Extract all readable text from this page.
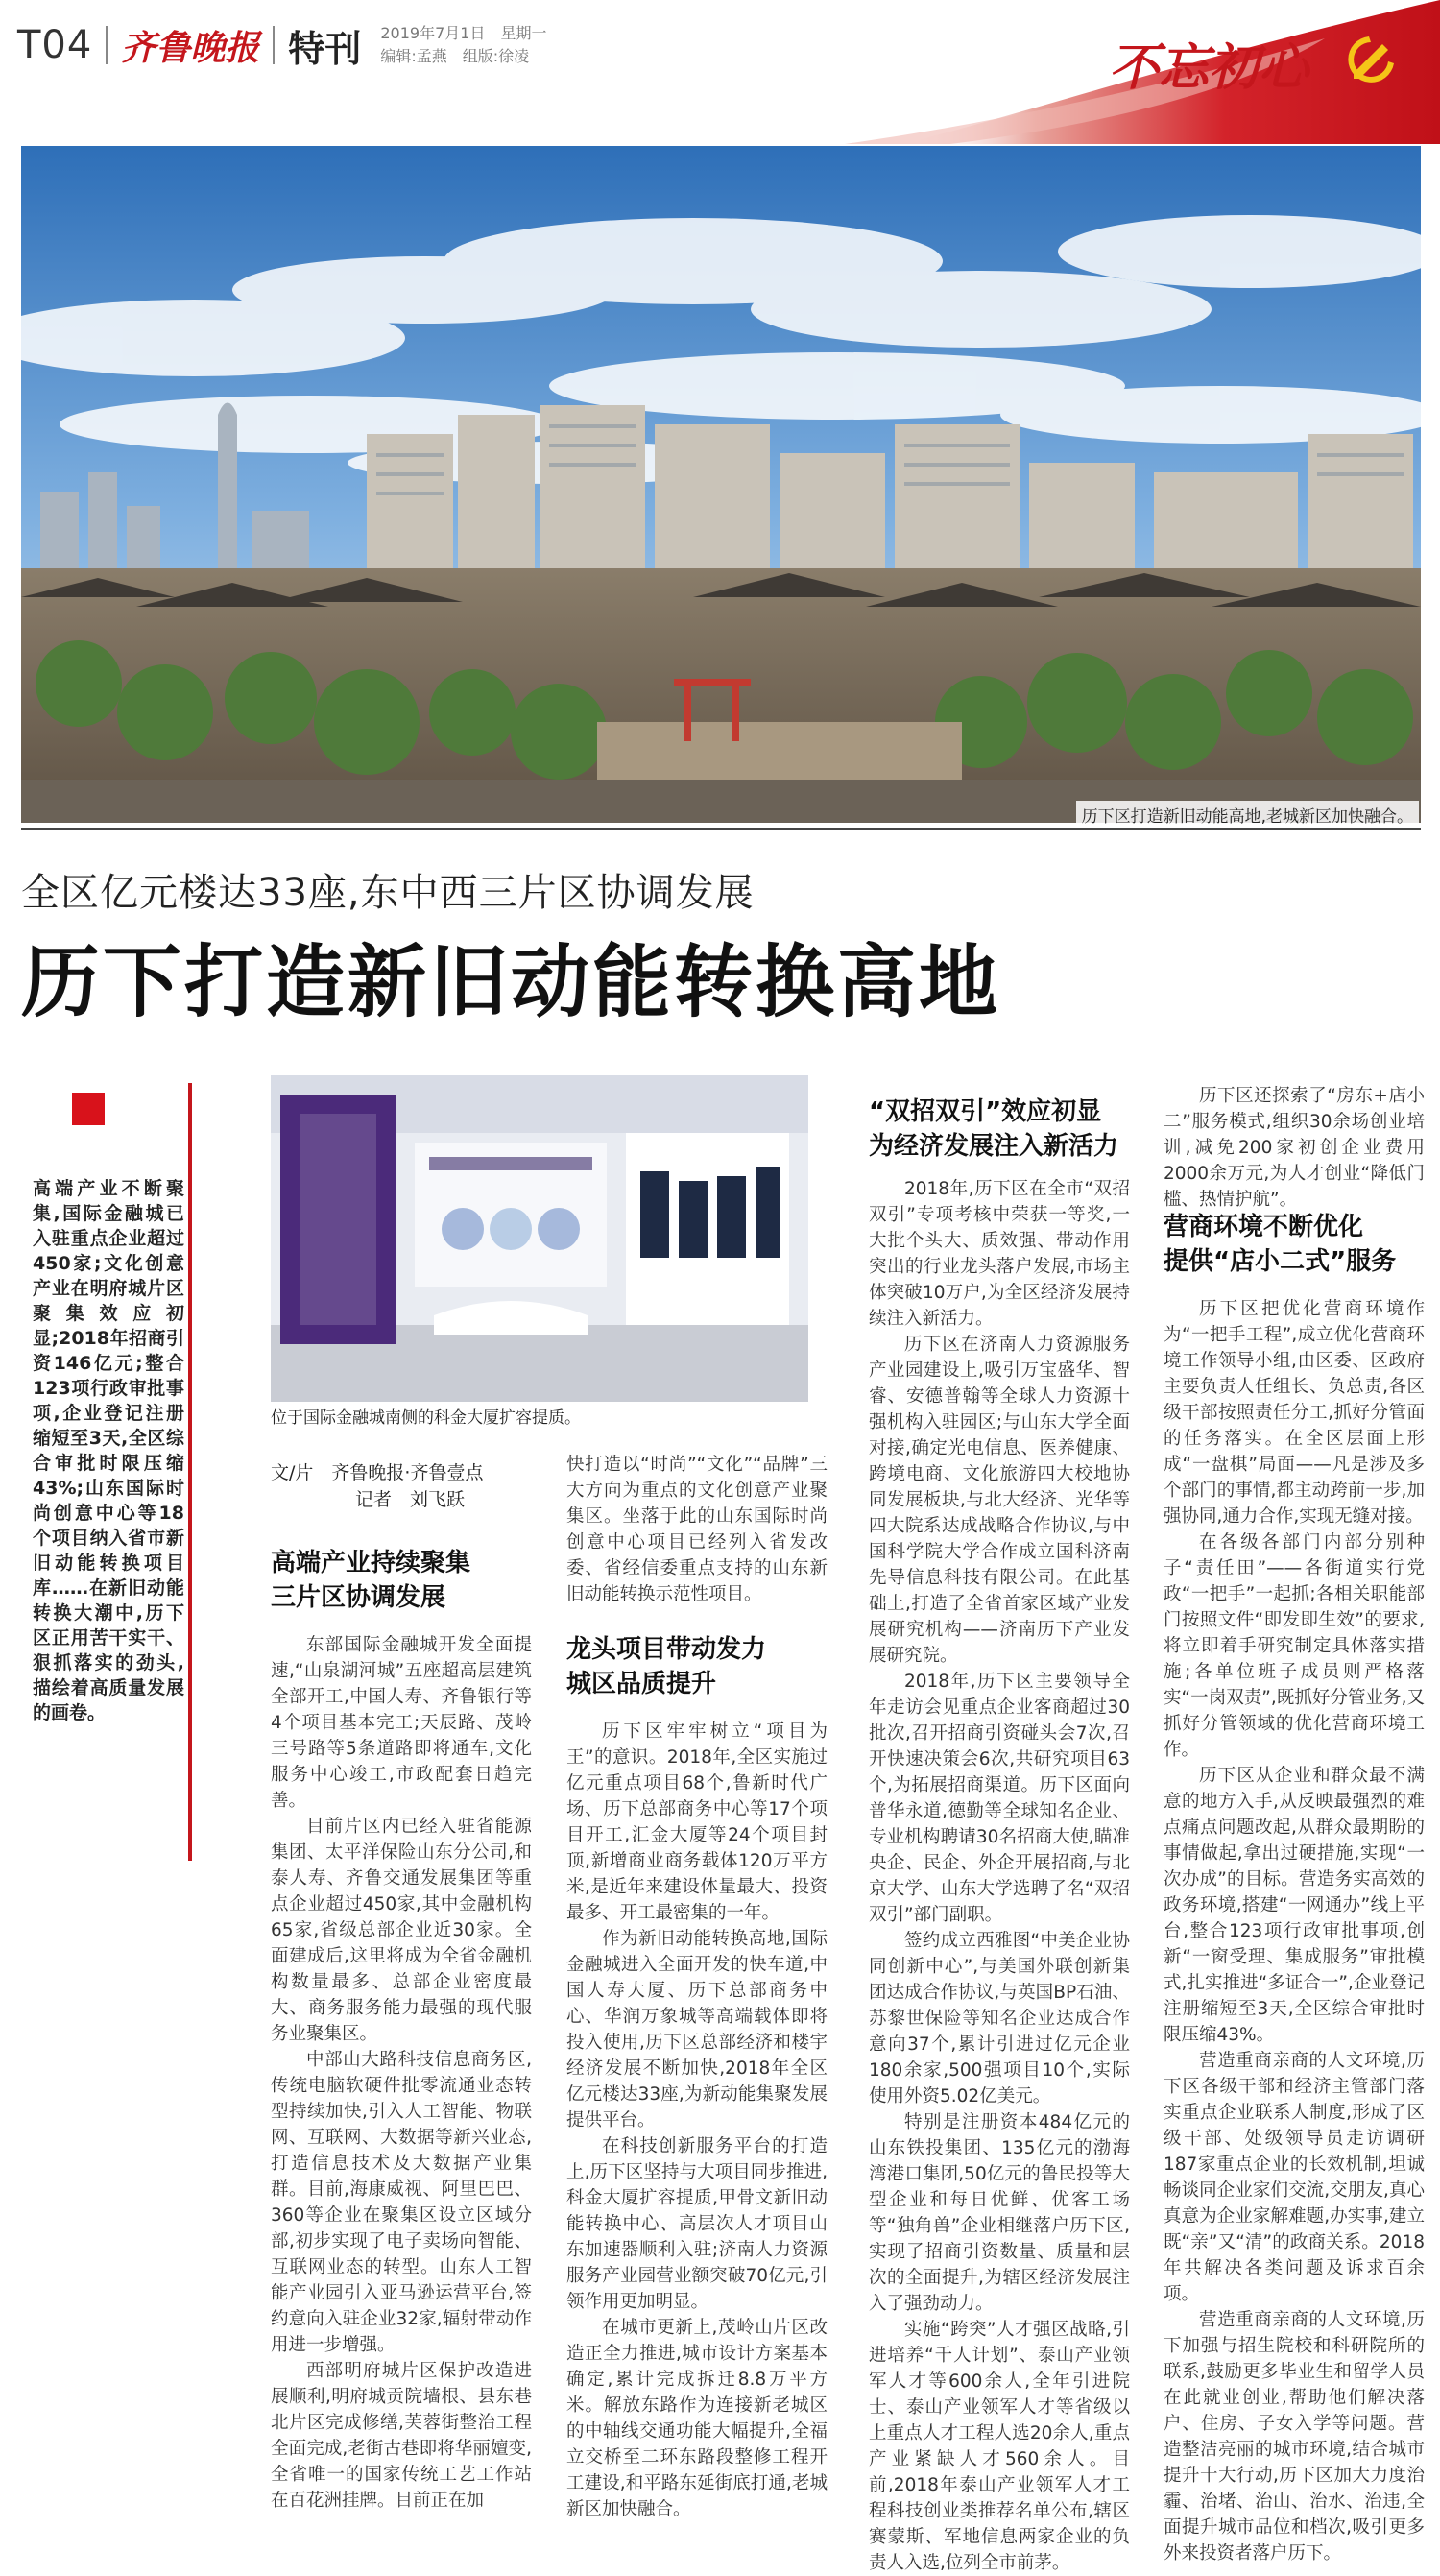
T04 齐鲁晚报 特刊 2019年7月1日　星期一
编辑:孟燕　组版:徐凌	不忘初心
历下区打造新旧动能高地,老城新区加快融合。
全区亿元楼达33座,东中西三片区协调发展
历下打造新旧动能转换高地
高端产业不断聚集,国际金融城已入驻重点企业超过450家;文化创意产业在明府城片区聚集效应初显;2018年招商引资146亿元;整合123项行政审批事项,企业登记注册缩短至3天,全区综合审批时限压缩43%;山东国际时尚创意中心等18个项目纳入省市新旧动能转换项目库……在新旧动能转换大潮中,历下区正用苦干实干、狠抓落实的劲头,描绘着高质量发展的画卷。
位于国际金融城南侧的科金大厦扩容提质。
文/片　齐鲁晚报·齐鲁壹点
记者　刘飞跃
高端产业持续聚集
三片区协调发展

东部国际金融城开发全面提速,“山泉湖河城”五座超高层建筑全部开工,中国人寿、齐鲁银行等4个项目基本完工;天辰路、茂岭三号路等5条道路即将通车,文化服务中心竣工,市政配套日趋完善。

目前片区内已经入驻省能源集团、太平洋保险山东分公司,和泰人寿、齐鲁交通发展集团等重点企业超过450家,其中金融机构65家,省级总部企业近30家。全面建成后,这里将成为全省金融机构数量最多、总部企业密度最大、商务服务能力最强的现代服务业聚集区。

中部山大路科技信息商务区,传统电脑软硬件批零流通业态转型持续加快,引入人工智能、物联网、互联网、大数据等新兴业态,打造信息技术及大数据产业集群。目前,海康威视、阿里巴巴、360等企业在聚集区设立区域分部,初步实现了电子卖场向智能、互联网业态的转型。山东人工智能产业园引入亚马逊运营平台,签约意向入驻企业32家,辐射带动作用进一步增强。

西部明府城片区保护改造进展顺利,明府城贡院墙根、县东巷北片区完成修缮,芙蓉街整治工程全面完成,老街古巷即将华丽嬗变,全省唯一的国家传统工艺工作站在百花洲挂牌。目前正在加

快打造以“时尚”“文化”“品牌”三大方向为重点的文化创意产业聚集区。坐落于此的山东国际时尚创意中心项目已经列入省发改委、省经信委重点支持的山东新旧动能转换示范性项目。

龙头项目带动发力
城区品质提升

历下区牢牢树立“项目为王”的意识。2018年,全区实施过亿元重点项目68个,鲁新时代广场、历下总部商务中心等17个项目开工,汇金大厦等24个项目封顶,新增商业商务载体120万平方米,是近年来建设体量最大、投资最多、开工最密集的一年。

作为新旧动能转换高地,国际金融城进入全面开发的快车道,中国人寿大厦、历下总部商务中心、华润万象城等高端载体即将投入使用,历下区总部经济和楼宇经济发展不断加快,2018年全区亿元楼达33座,为新动能集聚发展提供平台。

在科技创新服务平台的打造上,历下区坚持与大项目同步推进,科金大厦扩容提质,甲骨文新旧动能转换中心、高层次人才项目山东加速器顺利入驻;济南人力资源服务产业园营业额突破70亿元,引领作用更加明显。

在城市更新上,茂岭山片区改造正全力推进,城市设计方案基本确定,累计完成拆迁8.8万平方米。解放东路作为连接新老城区的中轴线交通功能大幅提升,全福立交桥至二环东路段整修工程开工建设,和平路东延街底打通,老城新区加快融合。

“双招双引”效应初显
为经济发展注入新活力

2018年,历下区在全市“双招双引”专项考核中荣获一等奖,一大批个头大、质效强、带动作用突出的行业龙头落户发展,市场主体突破10万户,为全区经济发展持续注入新活力。

历下区在济南人力资源服务产业园建设上,吸引万宝盛华、智睿、安德普翰等全球人力资源十强机构入驻园区;与山东大学全面对接,确定光电信息、医养健康、跨境电商、文化旅游四大校地协同发展板块,与北大经济、光华等四大院系达成战略合作协议,与中国科学院大学合作成立国科济南先导信息科技有限公司。在此基础上,打造了全省首家区域产业发展研究机构——济南历下产业发展研究院。

2018年,历下区主要领导全年走访会见重点企业客商超过30批次,召开招商引资碰头会7次,召开快速决策会6次,共研究项目63个,为拓展招商渠道。历下区面向普华永道,德勤等全球知名企业、专业机构聘请30名招商大使,瞄准央企、民企、外企开展招商,与北京大学、山东大学选聘了名“双招双引”部门副职。

签约成立西雅图“中美企业协同创新中心”,与美国外联创新集团达成合作协议,与英国BP石油、苏黎世保险等知名企业达成合作意向37个,累计引进过亿元企业180余家,500强项目10个,实际使用外资5.02亿美元。

特别是注册资本484亿元的山东铁投集团、135亿元的渤海湾港口集团,50亿元的鲁民投等大型企业和每日优鲜、优客工场等“独角兽”企业相继落户历下区,实现了招商引资数量、质量和层次的全面提升,为辖区经济发展注入了强劲动力。

实施“跨突”人才强区战略,引进培养“千人计划”、泰山产业领军人才等600余人,全年引进院士、泰山产业领军人才等省级以上重点人才工程人选20余人,重点产业紧缺人才560余人。目前,2018年泰山产业领军人才工程科技创业类推荐名单公布,辖区赛蒙斯、军地信息两家企业的负责人入选,位列全市前茅。

历下区还探索了“房东+店小二”服务模式,组织30余场创业培训,减免200家初创企业费用2000余万元,为人才创业“降低门槛、热情护航”。

营商环境不断优化
提供“店小二式”服务

历下区把优化营商环境作为“一把手工程”,成立优化营商环境工作领导小组,由区委、区政府主要负责人任组长、负总责,各区级干部按照责任分工,抓好分管面的任务落实。在全区层面上形成“一盘棋”局面——凡是涉及多个部门的事情,都主动跨前一步,加强协同,通力合作,实现无缝对接。

在各级各部门内部分别种子“责任田”——各街道实行党政“一把手”一起抓;各相关职能部门按照文件“即发即生效”的要求,将立即着手研究制定具体落实措施;各单位班子成员则严格落实“一岗双责”,既抓好分管业务,又抓好分管领域的优化营商环境工作。

历下区从企业和群众最不满意的地方入手,从反映最强烈的难点痛点问题改起,从群众最期盼的事情做起,拿出过硬措施,实现“一次办成”的目标。营造务实高效的政务环境,搭建“一网通办”线上平台,整合123项行政审批事项,创新“一窗受理、集成服务”审批模式,扎实推进“多证合一”,企业登记注册缩短至3天,全区综合审批时限压缩43%。

营造重商亲商的人文环境,历下区各级干部和经济主管部门落实重点企业联系人制度,形成了区级干部、处级领导员走访调研187家重点企业的长效机制,坦诚畅谈同企业家们交流,交朋友,真心真意为企业家解难题,办实事,建立既“亲”又“清”的政商关系。2018年共解决各类问题及诉求百余项。

营造重商亲商的人文环境,历下加强与招生院校和科研院所的联系,鼓励更多毕业生和留学人员在此就业创业,帮助他们解决落户、住房、子女入学等问题。营造整洁亮丽的城市环境,结合城市提升十大行动,历下区加大力度治霾、治堵、治山、治水、治违,全面提升城市品位和档次,吸引更多外来投资者落户历下。
